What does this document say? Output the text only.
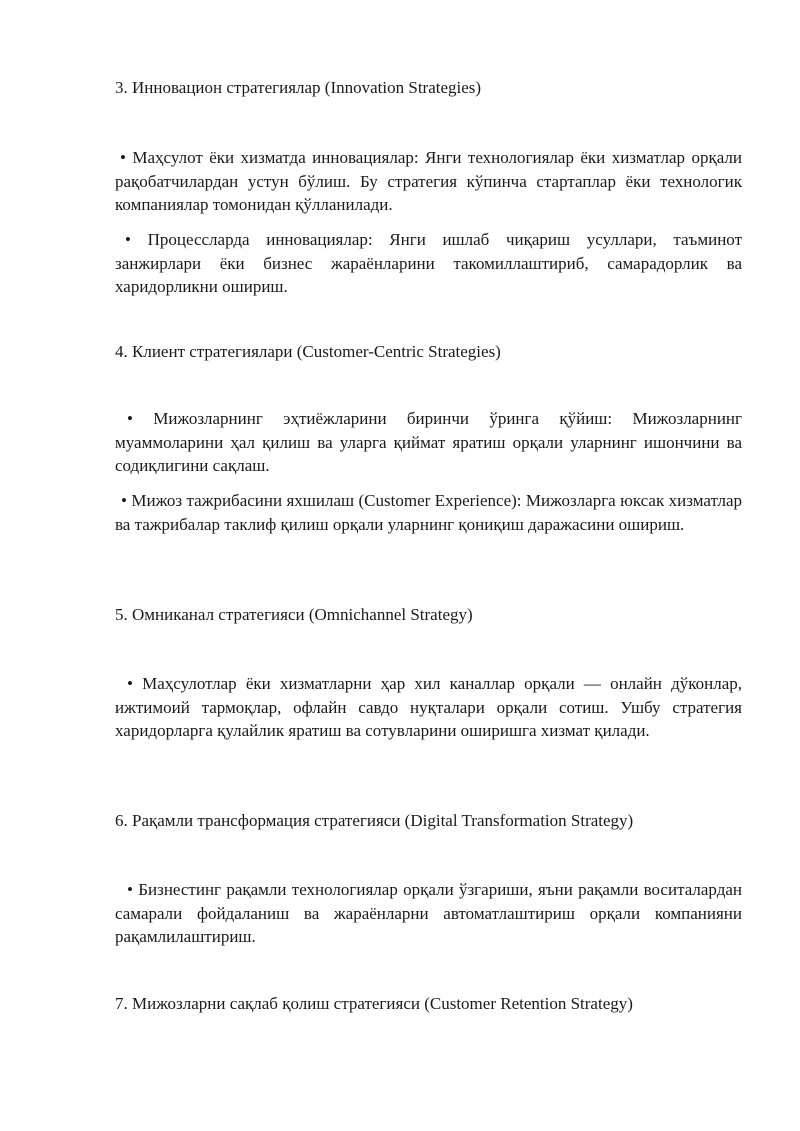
3. Инновацион стратегиялар (Innovation Strategies)
• Маҳсулот ёки хизматда инновациялар: Янги технологиялар ёки хизматлар орқали рақобатчилардан устун бўлиш. Бу стратегия кўпинча стартаплар ёки технологик компаниялар томонидан қўлланилади.
• Процессларда инновациялар: Янги ишлаб чиқариш усуллари, таъминот занжирлари ёки бизнес жараёнларини такомиллаштириб, самарадорлик ва харидорликни ошириш.
4. Клиент стратегиялари (Customer-Centric Strategies)
• Мижозларнинг эҳтиёжларини биринчи ўринга қўйиш: Мижозларнинг муаммоларини ҳал қилиш ва уларга қиймат яратиш орқали уларнинг ишончини ва содиқлигини сақлаш.
• Мижоз тажрибасини яхшилаш (Customer Experience): Мижозларга юксак хизматлар ва тажрибалар таклиф қилиш орқали уларнинг қониқиш даражасини ошириш.
5. Омниканал стратегияси (Omnichannel Strategy)
• Маҳсулотлар ёки хизматларни ҳар хил каналлар орқали — онлайн дўконлар, ижтимоий тармоқлар, офлайн савдо нуқталари орқали сотиш. Ушбу стратегия харидорларга қулайлик яратиш ва сотувларини оширишга хизмат қилади.
6. Рақамли трансформация стратегияси (Digital Transformation Strategy)
• Бизнестинг рақамли технологиялар орқали ўзгариши, яъни рақамли воситалардан самарали фойдаланиш ва жараёнларни автоматлаштириш орқали компанияни рақамлилаштириш.
7. Мижозларни сақлаб қолиш стратегияси (Customer Retention Strategy)
